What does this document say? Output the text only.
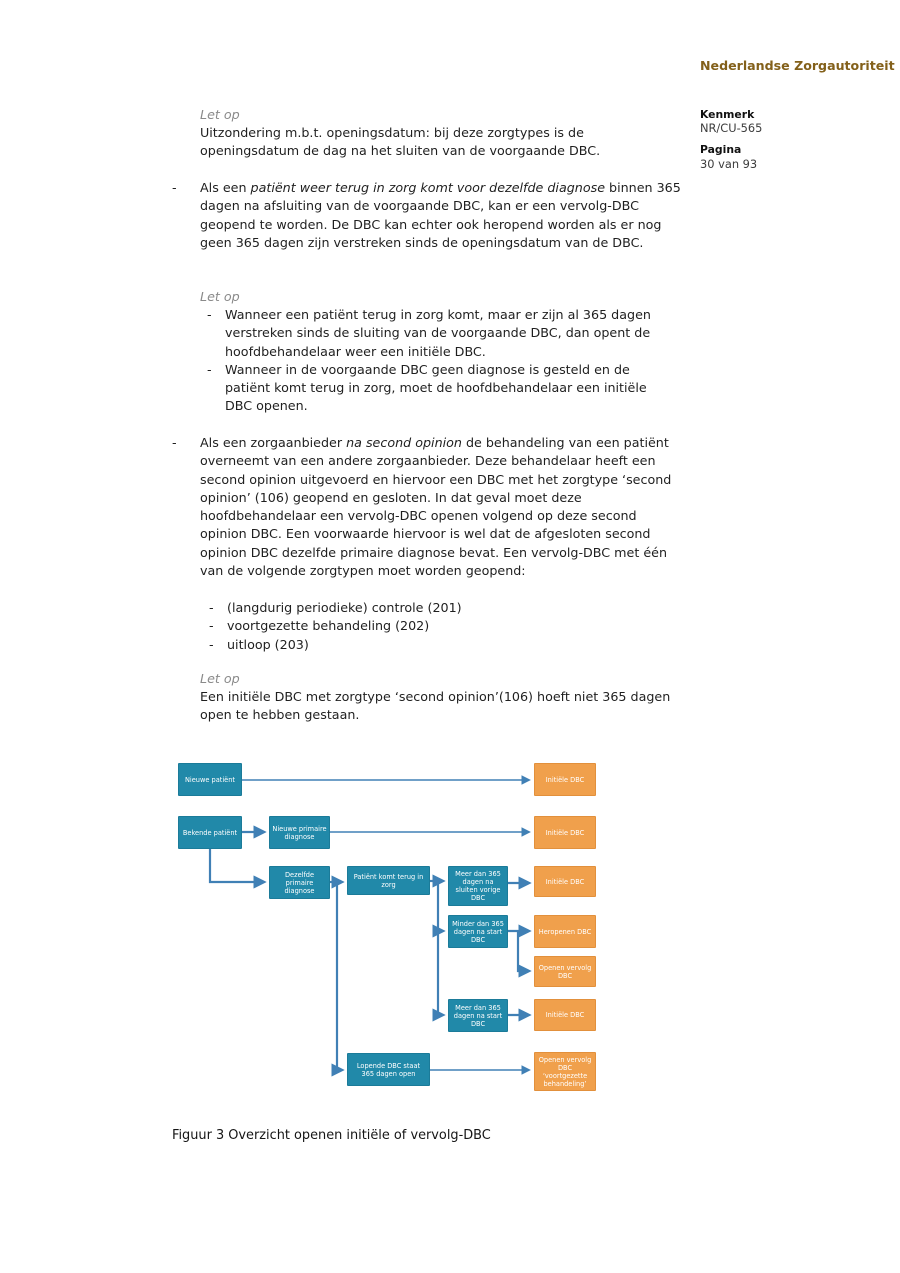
Nederlandse Zorgautoriteit
Kenmerk
NR/CU-565
Pagina
30 van 93
Let op
Uitzondering m.b.t. openingsdatum: bij deze zorgtypes is de openingsdatum de dag na het sluiten van de voorgaande DBC.
-	Als een patiënt weer terug in zorg komt voor dezelfde diagnose binnen 365 dagen na afsluiting van de voorgaande DBC, kan er een vervolg-DBC geopend te worden. De DBC kan echter ook heropend worden als er nog geen 365 dagen zijn verstreken sinds de openingsdatum van de DBC.
Let op
-	Wanneer een patiënt terug in zorg komt, maar er zijn al 365 dagen verstreken sinds de sluiting van de voorgaande DBC, dan opent de hoofdbehandelaar weer een initiële DBC.
-	Wanneer in de voorgaande DBC geen diagnose is gesteld en de patiënt komt terug in zorg, moet de hoofdbehandelaar een initiële DBC openen.
-	Als een zorgaanbieder na second opinion de behandeling van een patiënt overneemt van een andere zorgaanbieder. Deze behandelaar heeft een second opinion uitgevoerd en hiervoor een DBC met het zorgtype ‘second opinion’ (106) geopend en gesloten. In dat geval moet deze hoofdbehandelaar een vervolg-DBC openen volgend op deze second opinion DBC. Een voorwaarde hiervoor is wel dat de afgesloten second opinion DBC dezelfde primaire diagnose bevat. Een vervolg-DBC met één van de volgende zorgtypen moet worden geopend:
-	(langdurig periodieke) controle (201)
-	voortgezette behandeling (202)
-	uitloop (203)
Let op
Een initiële DBC met zorgtype ‘second opinion’(106) hoeft niet 365 dagen open te hebben gestaan.
Nieuwe patiënt	Initiële DBC
Bekende patiënt	Nieuwe primaire diagnose	Initiële DBC
Dezelfde primaire diagnose
Patiënt komt terug in zorg
Meer dan 365 dagen na sluiten vorige DBC
Initiële DBC
Minder dan 365 dagen na start DBC
Heropenen DBC
Openen vervolg DBC
Meer dan 365 dagen na start DBC
Initiële DBC
Lopende DBC staat 365 dagen open
Openen vervolg DBC ‘voortgezette behandeling’
Figuur 3 Overzicht openen initiële of vervolg-DBC
